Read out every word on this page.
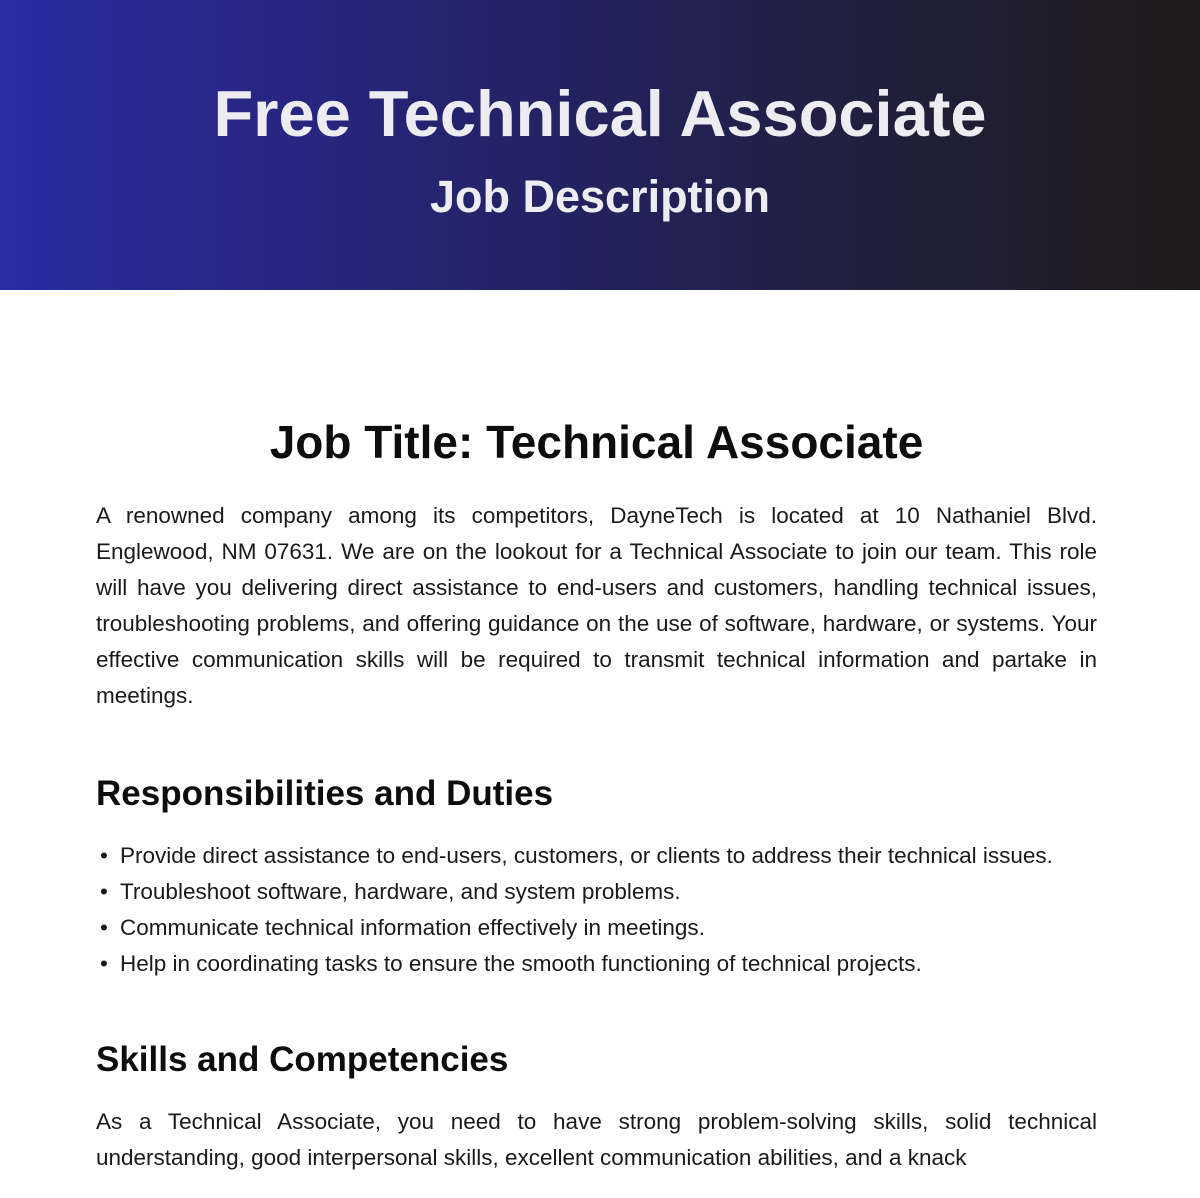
Free Technical Associate
Job Description
Job Title: Technical Associate

A renowned company among its competitors, DayneTech is located at 10 Nathaniel Blvd. Englewood, NM 07631. We are on the lookout for a Technical Associate to join our team. This role will have you delivering direct assistance to end-users and customers, handling technical issues, troubleshooting problems, and offering guidance on the use of software, hardware, or systems. Your effective communication skills will be required to transmit technical information and partake in meetings.

Responsibilities and Duties
• Provide direct assistance to end-users, customers, or clients to address their technical issues.
• Troubleshoot software, hardware, and system problems.
• Communicate technical information effectively in meetings.
• Help in coordinating tasks to ensure the smooth functioning of technical projects.
Skills and Competencies

As a Technical Associate, you need to have strong problem-solving skills, solid technical understanding, good interpersonal skills, excellent communication abilities, and a knack
